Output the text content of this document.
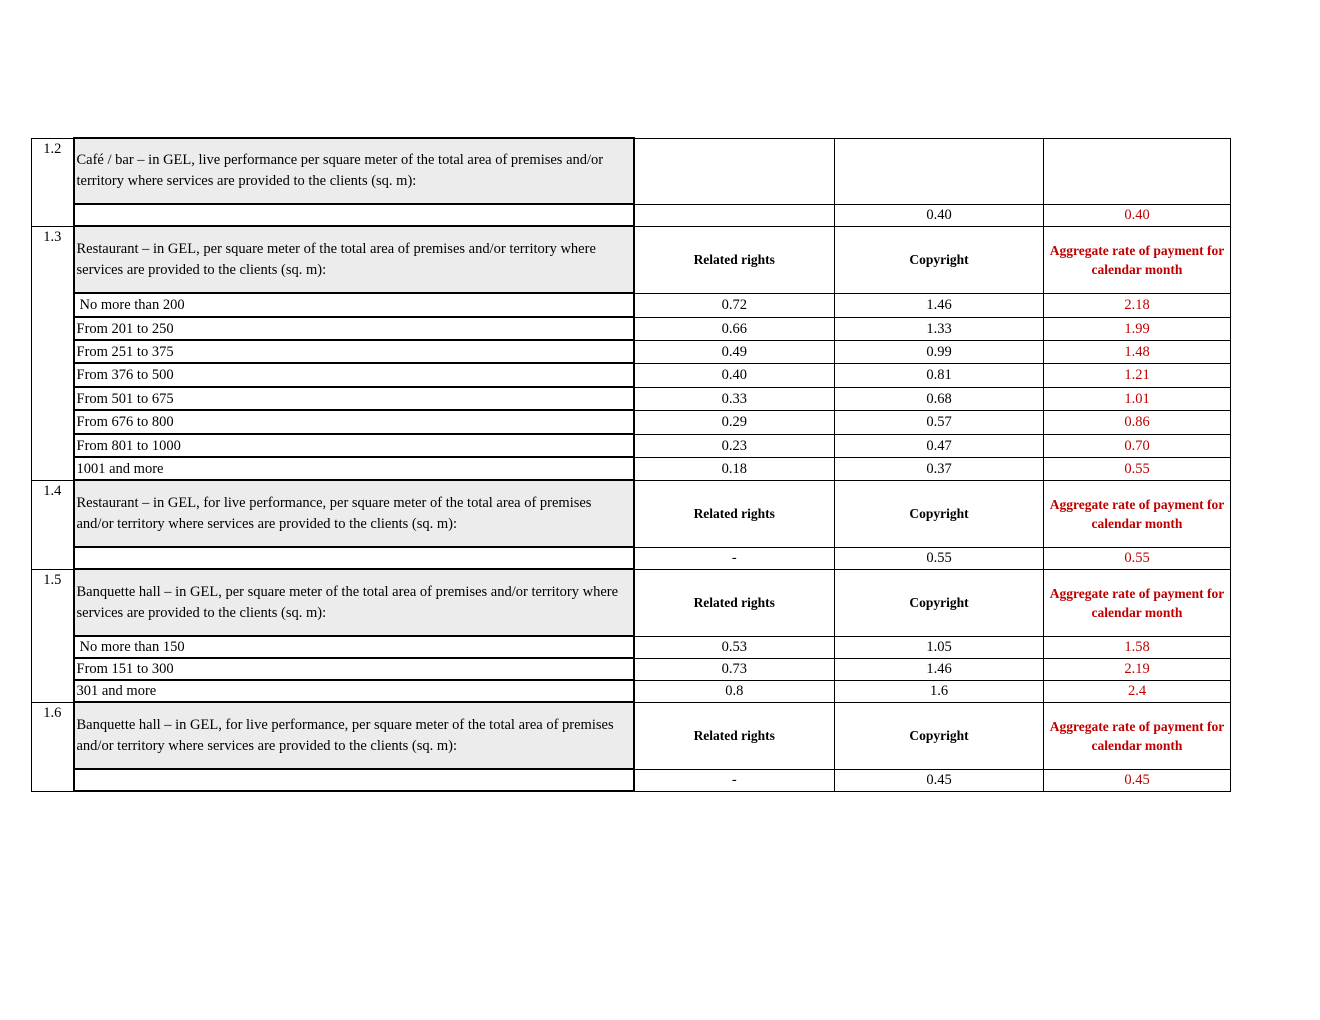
1.2	Café / bar – in GEL, live performance per square meter of the total area of premises and/or territory where services are provided to the clients (sq. m):			
			0.40	0.40
1.3	Restaurant – in GEL, per square meter of the total area of premises and/or territory where services are provided to the clients (sq. m):	Related rights	Copyright	Aggregate rate of payment for calendar month
	No more than 200	0.72	1.46	2.18
	From 201 to 250	0.66	1.33	1.99
	From 251 to 375	0.49	0.99	1.48
	From 376 to 500	0.40	0.81	1.21
	From 501 to 675	0.33	0.68	1.01
	From 676 to 800	0.29	0.57	0.86
	From 801 to 1000	0.23	0.47	0.70
	1001 and more	0.18	0.37	0.55
1.4	Restaurant – in GEL, for live performance, per square meter of the total area of premises and/or territory where services are provided to the clients (sq. m):	Related rights	Copyright	Aggregate rate of payment for calendar month
		-	0.55	0.55
1.5	Banquette hall – in GEL, per square meter of the total area of premises and/or territory where services are provided to the clients (sq. m):	Related rights	Copyright	Aggregate rate of payment for calendar month
	No more than 150	0.53	1.05	1.58
	From 151 to 300	0.73	1.46	2.19
	301 and more	0.8	1.6	2.4
1.6	Banquette hall – in GEL, for live performance, per square meter of the total area of premises and/or territory where services are provided to the clients (sq. m):	Related rights	Copyright	Aggregate rate of payment for calendar month
		-	0.45	0.45
